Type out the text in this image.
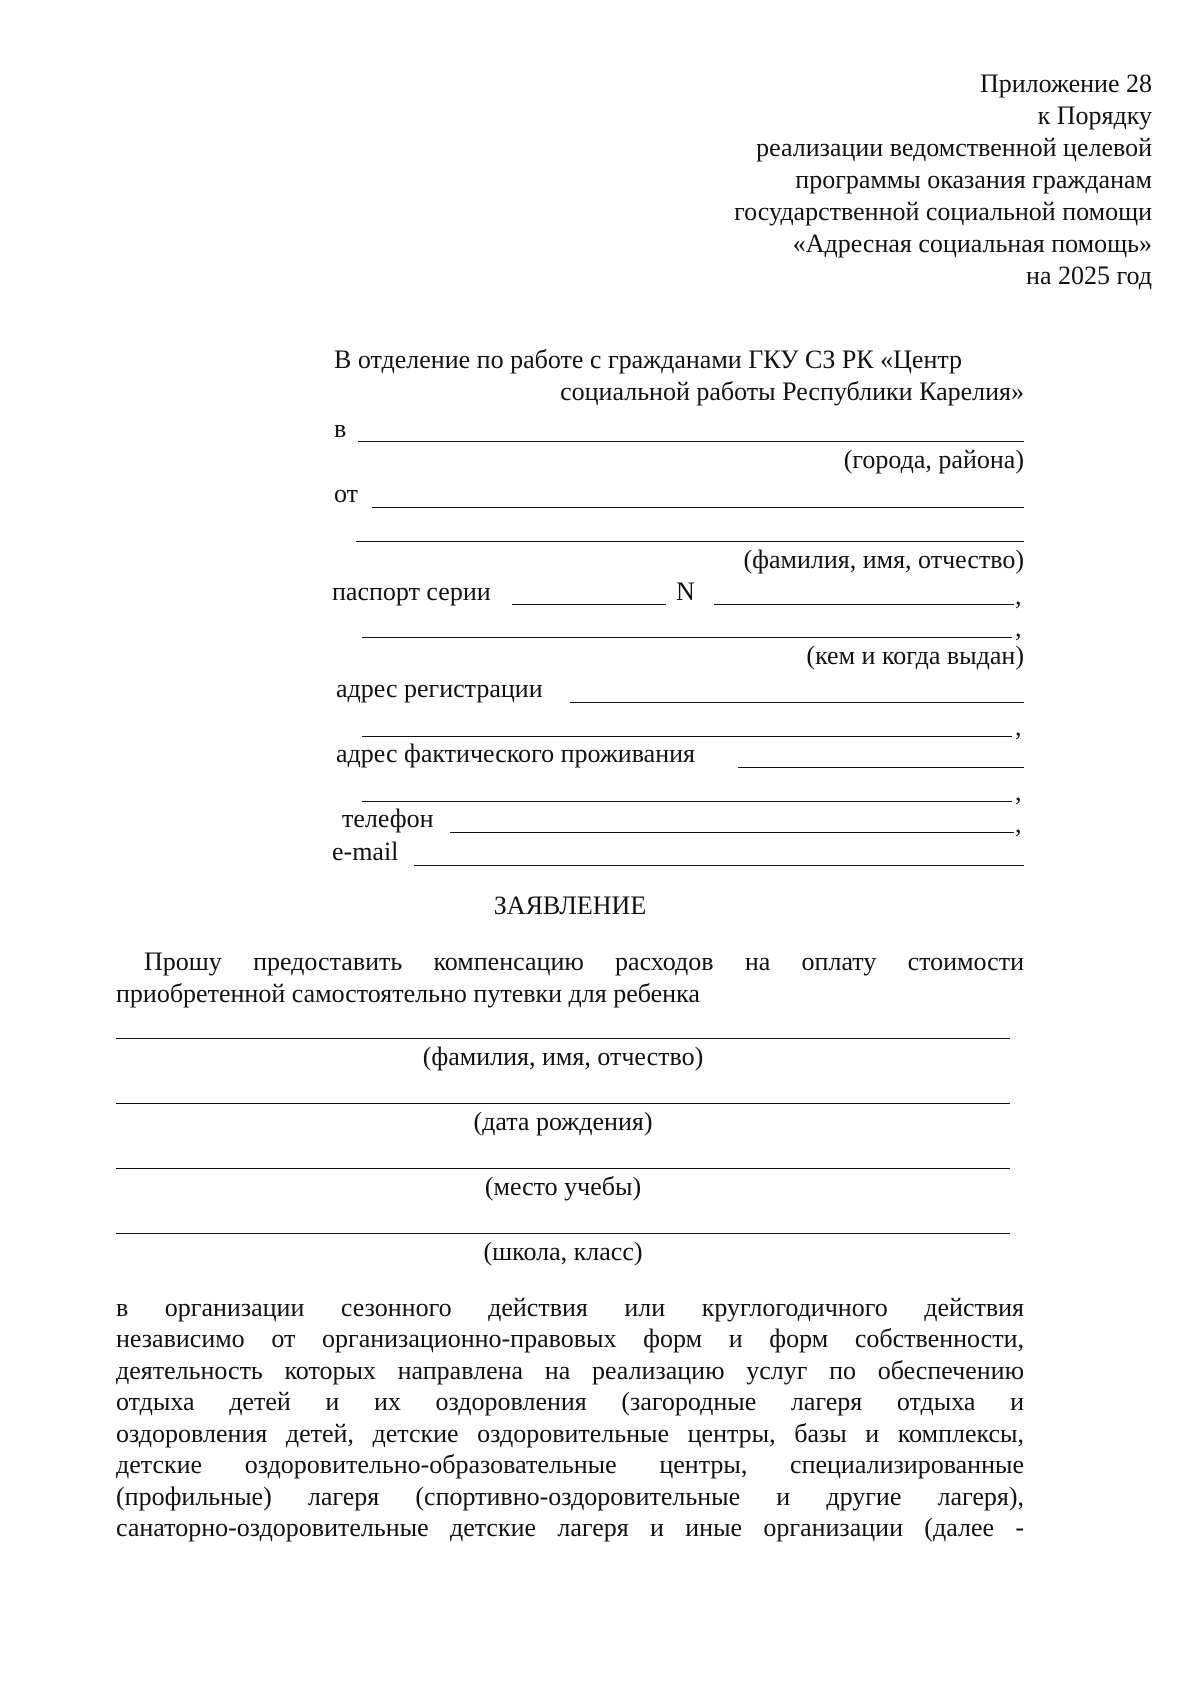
Приложение 28
к Порядку
реализации ведомственной целевой
программы оказания гражданам
государственной социальной помощи
«Адресная социальная помощь»
на 2025 год
В отделение по работе с гражданами ГКУ СЗ РК «Центр
социальной работы Республики Карелия»
в
(города, района)
от
(фамилия, имя, отчество)
паспорт серии	N	,
,
(кем и когда выдан)
адрес регистрации
,
адрес фактического проживания
,
телефон	,
e-mail
ЗАЯВЛЕНИЕ
Прошу предоставить компенсацию расходов на оплату стоимости
приобретенной самостоятельно путевки для ребенка
(фамилия, имя, отчество)
(дата рождения)
(место учебы)
(школа, класс)
в организации сезонного действия или круглогодичного действия
независимо от организационно-правовых форм и форм собственности,
деятельность которых направлена на реализацию услуг по обеспечению
отдыха детей и их оздоровления (загородные лагеря отдыха и
оздоровления детей, детские оздоровительные центры, базы и комплексы,
детские оздоровительно-образовательные центры, специализированные
(профильные) лагеря (спортивно-оздоровительные и другие лагеря),
санаторно-оздоровительные детские лагеря и иные организации (далее -
